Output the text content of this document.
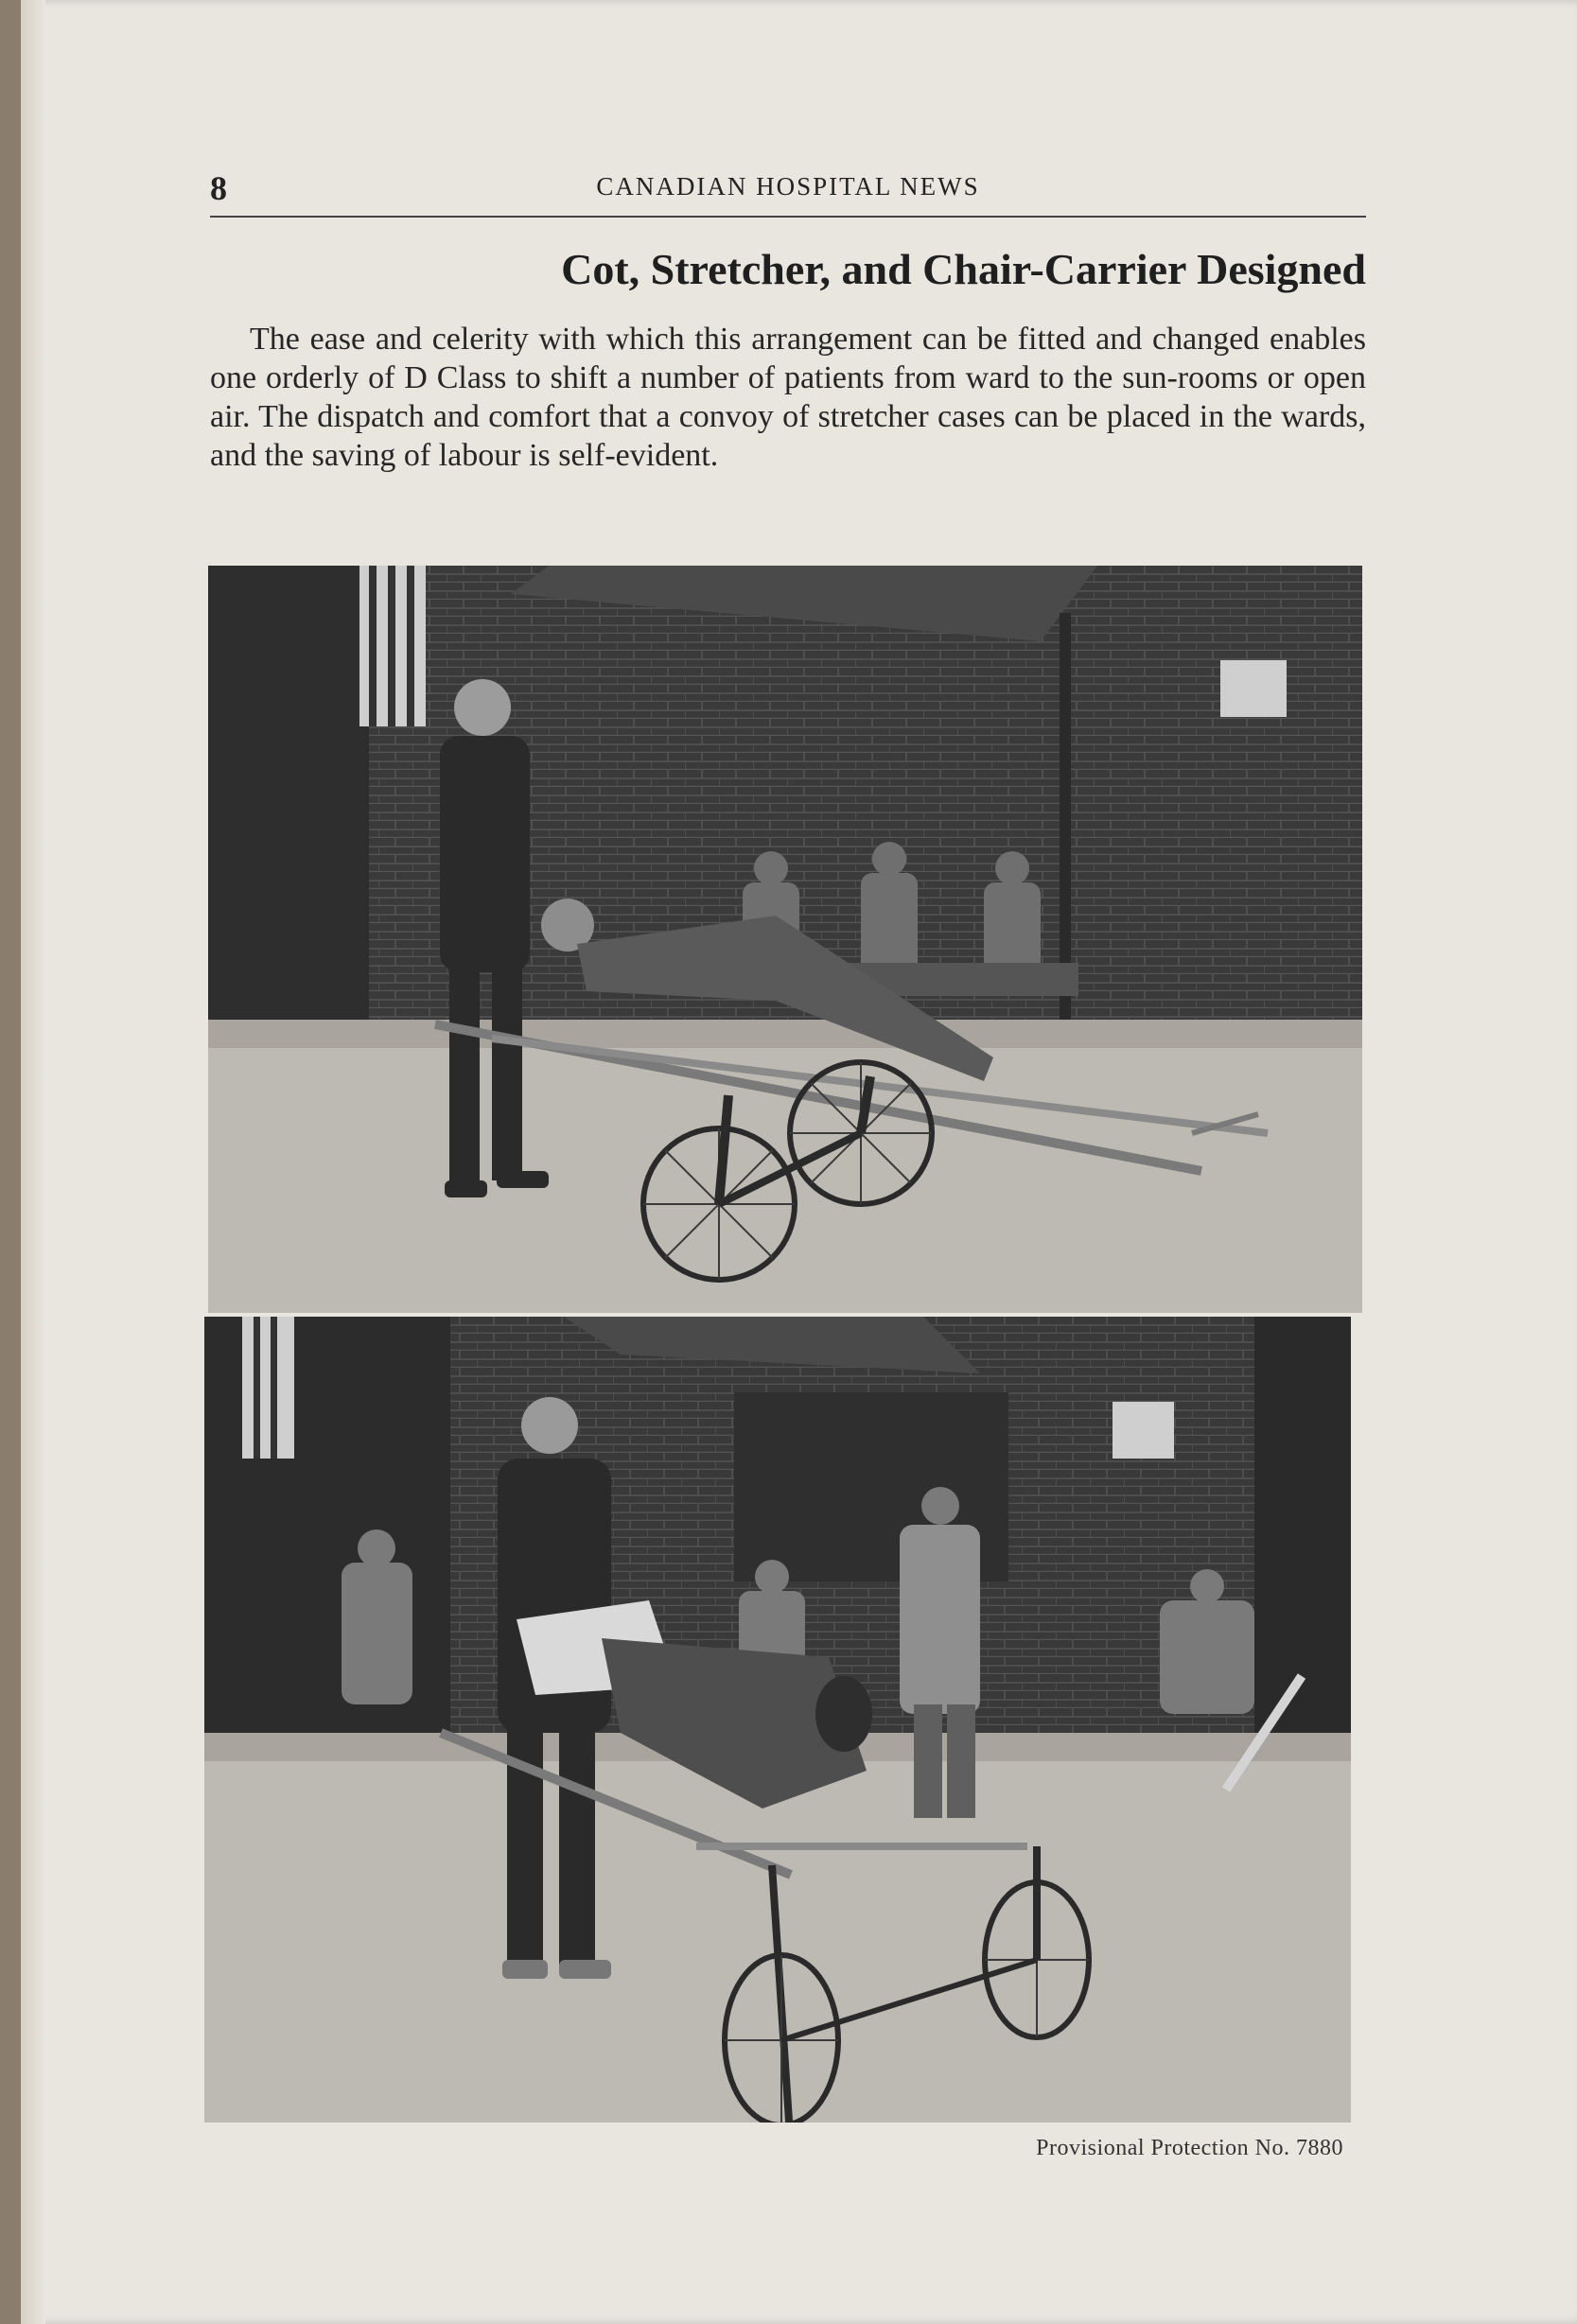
8	CANADIAN HOSPITAL NEWS
Cot, Stretcher, and Chair-Carrier Designed
The ease and celerity with which this arrangement can be fitted and changed enables one orderly of D Class to shift a number of patients from ward to the sun-rooms or open air. The dispatch and comfort that a convoy of stretcher cases can be placed in the wards, and the saving of labour is self-evident.
Provisional Protection No. 7880
